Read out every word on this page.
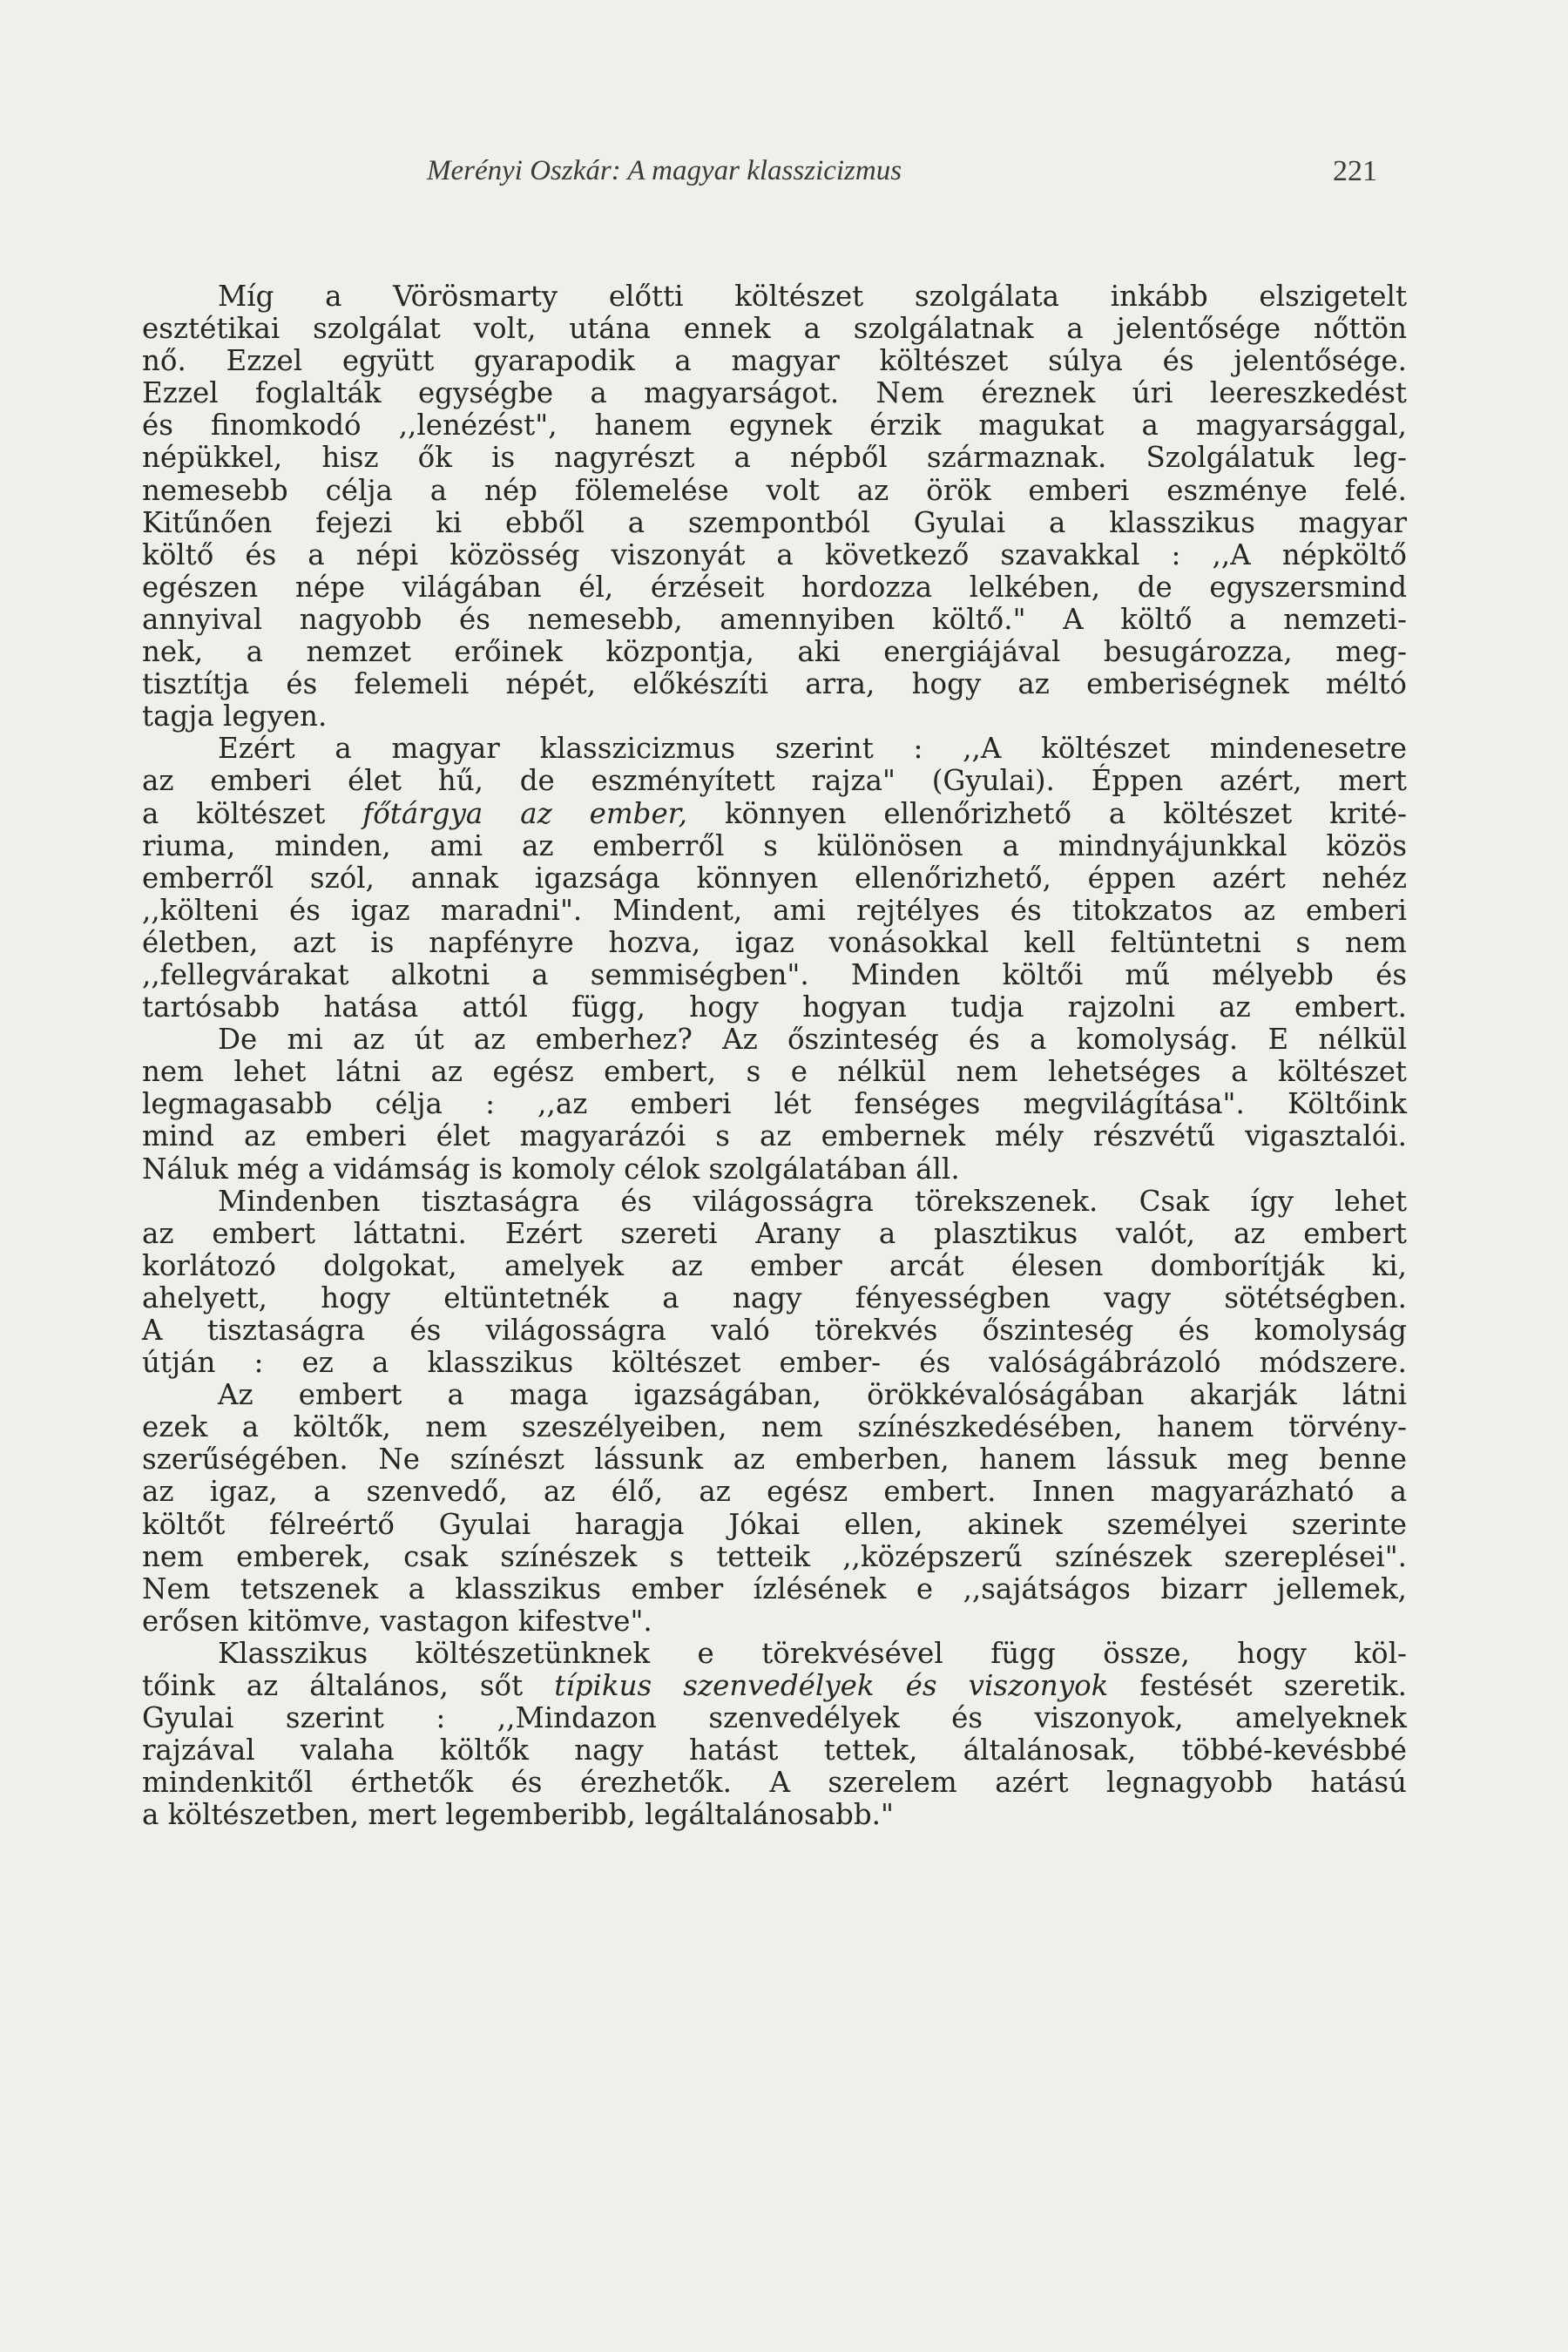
Merényi Oszkár: A magyar klasszicizmus	221
Míg a Vörösmarty előtti költészet szolgálata inkább elszigetelt
esztétikai szolgálat volt, utána ennek a szolgálatnak a jelentősége nőttön
nő. Ezzel együtt gyarapodik a magyar költészet súlya és jelentősége.
Ezzel foglalták egységbe a magyarságot. Nem éreznek úri leereszkedést
és finomkodó ,,lenézést", hanem egynek érzik magukat a magyarsággal,
népükkel, hisz ők is nagyrészt a népből származnak. Szolgálatuk leg-
nemesebb célja a nép fölemelése volt az örök emberi eszménye felé.
Kitűnően fejezi ki ebből a szempontból Gyulai a klasszikus magyar
költő és a népi közösség viszonyát a következő szavakkal : ,,A népköltő
egészen népe világában él, érzéseit hordozza lelkében, de egyszersmind
annyival nagyobb és nemesebb, amennyiben költő." A költő a nemzeti-
nek, a nemzet erőinek központja, aki energiájával besugározza, meg-
tisztítja és felemeli népét, előkészíti arra, hogy az emberiségnek méltó
tagja legyen.
Ezért a magyar klasszicizmus szerint : ,,A költészet mindenesetre
az emberi élet hű, de eszményített rajza" (Gyulai). Éppen azért, mert
a költészet főtárgya az ember, könnyen ellenőrizhető a költészet krité-
riuma, minden, ami az emberről s különösen a mindnyájunkkal közös
emberről szól, annak igazsága könnyen ellenőrizhető, éppen azért nehéz
,,költeni és igaz maradni". Mindent, ami rejtélyes és titokzatos az emberi
életben, azt is napfényre hozva, igaz vonásokkal kell feltüntetni s nem
,,fellegvárakat alkotni a semmiségben". Minden költői mű mélyebb és
tartósabb hatása attól függ, hogy hogyan tudja rajzolni az embert.
De mi az út az emberhez? Az őszinteség és a komolyság. E nélkül
nem lehet látni az egész embert, s e nélkül nem lehetséges a költészet
legmagasabb célja : ,,az emberi lét fenséges megvilágítása". Költőink
mind az emberi élet magyarázói s az embernek mély részvétű vigasztalói.
Náluk még a vidámság is komoly célok szolgálatában áll.
Mindenben tisztaságra és világosságra törekszenek. Csak így lehet
az embert láttatni. Ezért szereti Arany a plasztikus valót, az embert
korlátozó dolgokat, amelyek az ember arcát élesen domborítják ki,
ahelyett, hogy eltüntetnék a nagy fényességben vagy sötétségben.
A tisztaságra és világosságra való törekvés őszinteség és komolyság
útján : ez a klasszikus költészet ember- és valóságábrázoló módszere.
Az embert a maga igazságában, örökkévalóságában akarják látni
ezek a költők, nem szeszélyeiben, nem színészkedésében, hanem törvény-
szerűségében. Ne színészt lássunk az emberben, hanem lássuk meg benne
az igaz, a szenvedő, az élő, az egész embert. Innen magyarázható a
költőt félreértő Gyulai haragja Jókai ellen, akinek személyei szerinte
nem emberek, csak színészek s tetteik ,,középszerű színészek szereplései".
Nem tetszenek a klasszikus ember ízlésének e ,,sajátságos bizarr jellemek,
erősen kitömve, vastagon kifestve".
Klasszikus költészetünknek e törekvésével függ össze, hogy köl-
tőink az általános, sőt típikus szenvedélyek és viszonyok festését szeretik.
Gyulai szerint : ,,Mindazon szenvedélyek és viszonyok, amelyeknek
rajzával valaha költők nagy hatást tettek, általánosak, többé-kevésbbé
mindenkitől érthetők és érezhetők. A szerelem azért legnagyobb hatású
a költészetben, mert legemberibb, legáltalánosabb."
